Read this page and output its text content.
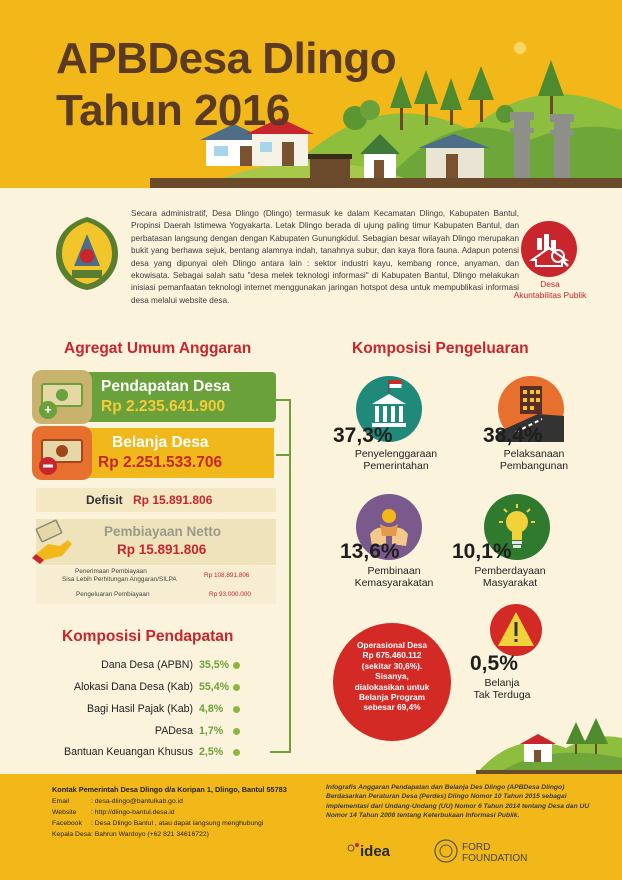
APBDesa Dlingo
Tahun 2016
Secara administratif, Desa Dlingo (Dlingo) termasuk ke dalam Kecamatan Dlingo, Kabupaten Bantul, Propinsi Daerah Istimewa Yogyakarta. Letak Dlingo berada di ujung paling timur Kabupaten Bantul, dan perbatasan langsung dengan dengan Kabupaten Gunungkidul. Sebagian besar wilayah Dlingo merupakan bukit yang berhawa sejuk, bentang alamnya indah, tanahnya subur, dan kaya flora fauna. Adapun potensi desa yang dipunyai oleh Dlingo antara lain : sektor industri kayu, kembang ronce, anyaman, dan ekowisata. Sebagai salah satu "desa melek teknologi informasi" di Kabupaten Bantul, Dlingo melakukan inisiasi pemanfaatan teknologi internet menggunakan jaringan hotspot desa untuk mempublikasi informasi desa melalui website desa.
Desa
Akuntabilitas Publik
Agregat Umum Anggaran
+
Pendapatan Desa
Rp 2.235.641.900
Belanja Desa
Rp 2.251.533.706
Defisit Rp 15.891.806
Pembiayaan Netto
Rp 15.891.806
Penerimaan Pembiayaan
Sisa Lebih Perhitungan Anggaran/SILPA
Rp 108.891.806
Pengeluaran Pembiayaan	Rp 93.000.000
Komposisi Pendapatan
Dana Desa (APBN) 35,5%
Alokasi Dana Desa (Kab) 55,4%
Bagi Hasil Pajak (Kab) 4,8%
PADesa 1,7%
Bantuan Keuangan Khusus 2,5%
Komposisi Pengeluaran
37,3%
Penyelenggaraan
Pemerintahan
38,4%
Pelaksanaan
Pembangunan
13,6%
Pembinaan
Kemasyarakatan
10,1%
Pemberdayaan
Masyarakat
Operasional Desa
Rp 675.460.112
(sekitar 30,6%).
Sisanya,
dialokasikan untuk
Belanja Program
sebesar 69,4%
0,5%
Belanja
Tak Terduga
Kontak Pemerintah Desa Dlingo d/a Koripan 1, Dlingo, Bantul 55783
Email	: desa-dlingo@bantulkab.go.id
Website : http://dlingo-bantul.desa.id
Facebook : Desa Dlingo Bantul , atau dapat langsung menghubungi
Kepala Desa : Bahrun Wardoyo (+62 821 34616722)
Infografis Anggaran Pendapatan dan Belanja Des Dlingo (APBDesa Dlingo) Berdasarkan Peraturan Desa (Perdes) Dlingo Nomor 10 Tahun 2015 sebagai implementasi dari Undang-Undang (UU) Nomor 6 Tahun 2014 tentang Desa dan UU Nomor 14 Tahun 2008 tentang Keterbukaan Informasi Publik.
idea	FORD
FOUNDATION
